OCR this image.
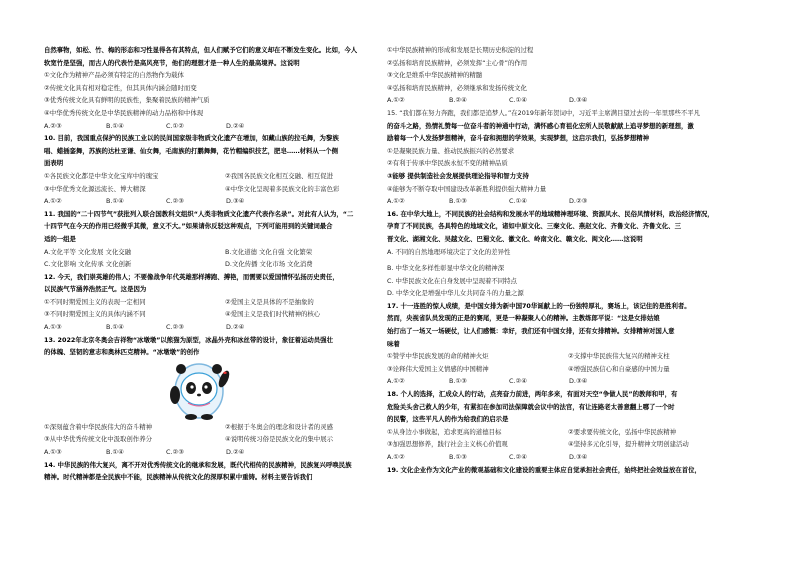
自然事物，如松、竹、梅的形态和习性显得各有其特点，但人们赋予它们的意义却在不断发生变化。比如，今人
软宽竹是坚强，而古人的代表竹是高风亮节，他们的理想才是一种人生的最高境界。这说明
①文化作为精神产品必须有特定的自然物作为载体
②传统文化具有相对稳定性，但其具体内涵会随时而变
③优秀传统文化具有鲜明的民族性，集聚着民族的精神气质
④中华优秀传统文化是中华民族精神的动力品格和中体现
A.②③	B.①④	C.①②	D.②④
10. 目前，我国重点保护的民族工业以的民间国家级非物质文化遗产在增加，如藏山族的拉毛舞，为黎族
唱、蜡插銮舞，苏族的达杜亚谦、仙女舞，毛南族的打鹏舞舞，花竹帽编织技艺，肥皂……材料从一个侧
面表明
①各民族文化都是中华文化宝库中的瑰宝	②我国各民族文化相互交融、相互促进
③中华优秀文化源远流长、博大精深	④中华文化呈现着多民族文化的丰富色彩
A.①②	B.①④	C.②③	D.③④
11. 我国的“二十四节气”获批列入联合国教科文组织“人类非物质文化遗产代表作名录”。对此有人认为，“二
十四节气在今天的作用已经微乎其微，意义不大。”如果请你反驳这种观点，下列可能用到的关键词最合
适的一组是
A.文化平等 文化发展 文化交融	B.文化道德 文化自强 文化繁荣
C.文化影响 文化传承 文化创新	D.文化传播 文化市场 文化消费
12. 今天，我们崇英雄的伟人；不要像战争年代英雄那样搏跑、搏艳，而需要以爱国情怀弘扬历史责任，
以民族气节涵养浩然正气。这是因为
①不同时期爱国主义的表现一定相同	②爱国主义是具体的不是抽象的
③不同时期爱国主义的具体内涵不同	④爱国主义是我们时代精神的核心
A.①③	B.①④	C.②③	D.②④
13. 2022年北京冬奥会吉祥物“冰墩墩”以熊猫为原型，冰晶外壳和冰丝带的设计，象征着运动员强壮
的体魄、坚韧的意志和奥林匹克精神。“冰墩墩”的创作
①深刻蕴含着中华民族伟大的奋斗精神	②根据于冬奥会的理念和设计者的灵感
③从中华优秀传统文化中汲取创作养分	④说明传统习俗是民族文化的集中展示
A.①③	B.①④	C.②③	D.②④
14. 中华民族的伟大复兴，离不开对优秀传统文化的继承和发展，既代代相传的民族精神，民族复兴呼唤民族
精神。时代精神都是全民族中不能，民族精神从传统文化的深厚积累中重铸。材料主要告诉我们
①中华民族精神的形成和发展是长期历史积淀的过程
②弘扬和培育民族精神，必须发挥“主心骨”的作用
③文化是维系中华民族精神的精髓
④弘扬和培育民族精神，必须继承和发扬传统文化
A.①②	B.②④	C.①④	D.③④
15. “我们都在努力奔跑，我们都是追梦人。”在2019年新年贺词中，习近平主席满目望过去的一年里那些不平凡
的奋斗之路，热情礼赞每一位奋斗者的神通中行动，满怀感心育祖化宏所人民敬献献上追寻梦想的新理想，激
励着每一个人发扬梦想精神，奋斗奋和拥想的学效果，实现梦想，这启示我们，弘扬梦想精神
①是凝聚民族力量、推动民族振兴的必然要求
②有利于传承中华民族永恒不变的精神品质
③能够 提供制造社会发展提供理论指导和智力支持
④能够为不断夺取中国建设改革新胜利提供强大精神力量
A.①②	B.①③	C.①④	D.②③
16. 在中华大地上，不同民族的社会结构和发展水平的地域精神理环境、资源风水、民俗风情材料，政治经济情况，
孕育了不同民族，各具特色的地域文化，诸如中原文化、三秦文化、燕赵文化、齐鲁文化、齐鲁文化、三
晋文化、湖湘文化、吴越文化、巴蜀文化、徽文化、岭南文化、赣文化、闽文化……这说明
A. 不同的自然地理环境决定了文化的差异性
B. 中华文化多样性彰显中华文化的精神深
C. 中华民族文化在自身发展中呈现着不同特点
D. 中华文化是增强中华儿女共同奋斗的力量之源
17. 十一连胜的惊人成绩，是中国女排为新中国70华诞献上的一份独特厚礼，赛场上，该记住的是胜利者。
然而，央视省队员发现的正是的赛尾，更是一种凝聚人心的精神。主教练郎平说：“这是女排姑娘
始打出了一场又一场硬仗，让人们感慨：幸好，我们还有中国女排，还有女排精神。女排精神对国人意
味着
①赞学中华民族发展的命的精神火炬	②支撑中华民族伟大复兴的精神支柱
③诠释伟大爱国主义情感的中国精神	④增强民族信心和自豪感的中国力量
A.①②	B.①③	C.②④	D.③④
18. 个人的选择，汇成众人的行动，点亮奋力前进，两年多来，有面对天空“争做人民”的教师和甲，有
危险关头舍己救人的少年，有紧扣在参加司法保障就会议中的法官，有让连路老太善意翻上哪了一个时
的民警，这些平凡人的作为给我们的启示是
①从身边小事做起，追求更高的道德目标	②要求要传统文化，弘扬中华民族精神
③加强思想修养，践行社会主义核心价值观	④坚持多元化引导，提升精神文明创建活动
A.①②	B.①③	C.②④	D.③④
19. 文化企业作为文化产业的微观基础和文化建设的重要主体应自觉承担社会责任，始终把社会效益放在首位，
